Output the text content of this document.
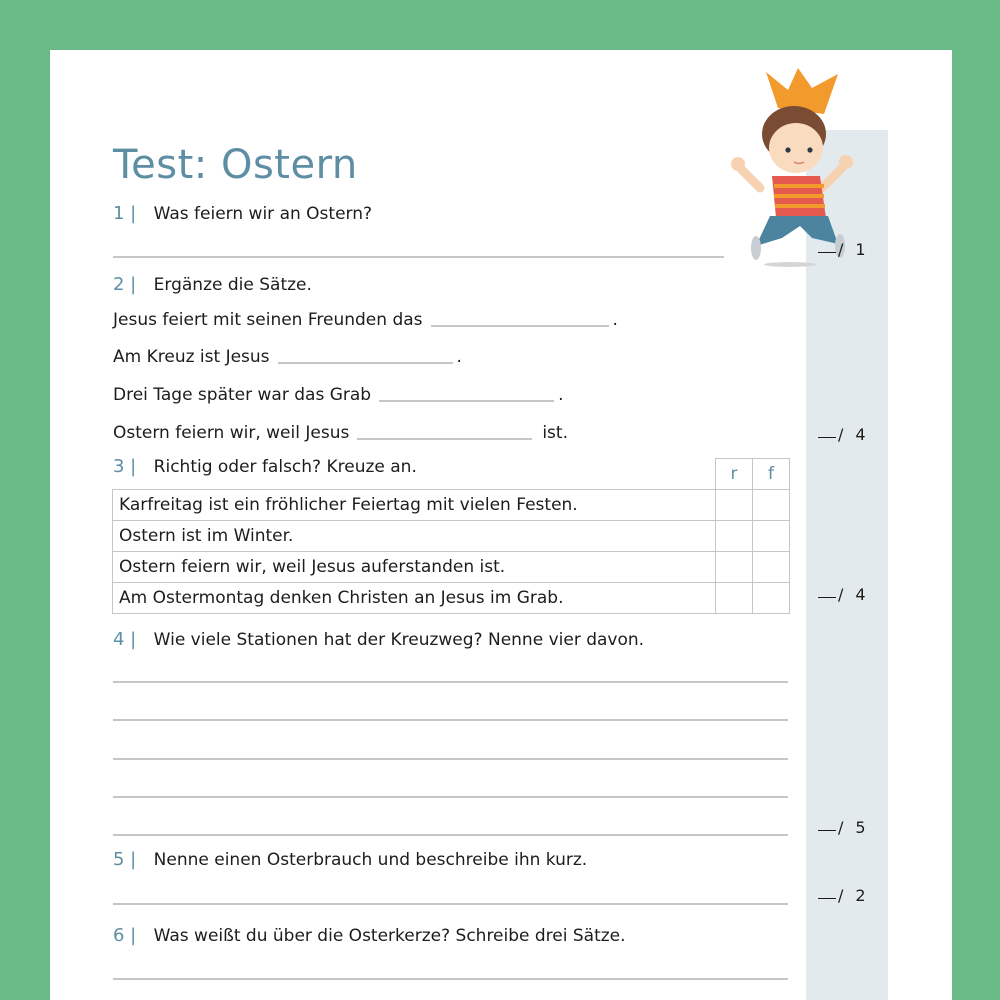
Test: Ostern
1 | Was feiern wir an Ostern?
/ 1
2 | Ergänze die Sätze.
Jesus feiert mit seinen Freunden das	.
Am Kreuz ist Jesus	.
Drei Tage später war das Grab	.
Ostern feiern wir, weil Jesus	ist.	/ 4
3 | Richtig oder falsch? Kreuze an.	r	f
Karfreitag ist ein fröhlicher Feiertag mit vielen Festen.		
Ostern ist im Winter.		
Ostern feiern wir, weil Jesus auferstanden ist.		
Am Ostermontag denken Christen an Jesus im Grab.			/ 4
4 | Wie viele Stationen hat der Kreuzweg? Nenne vier davon.
/ 5
5 | Nenne einen Osterbrauch und beschreibe ihn kurz.
/ 2
6 | Was weißt du über die Osterkerze? Schreibe drei Sätze.
